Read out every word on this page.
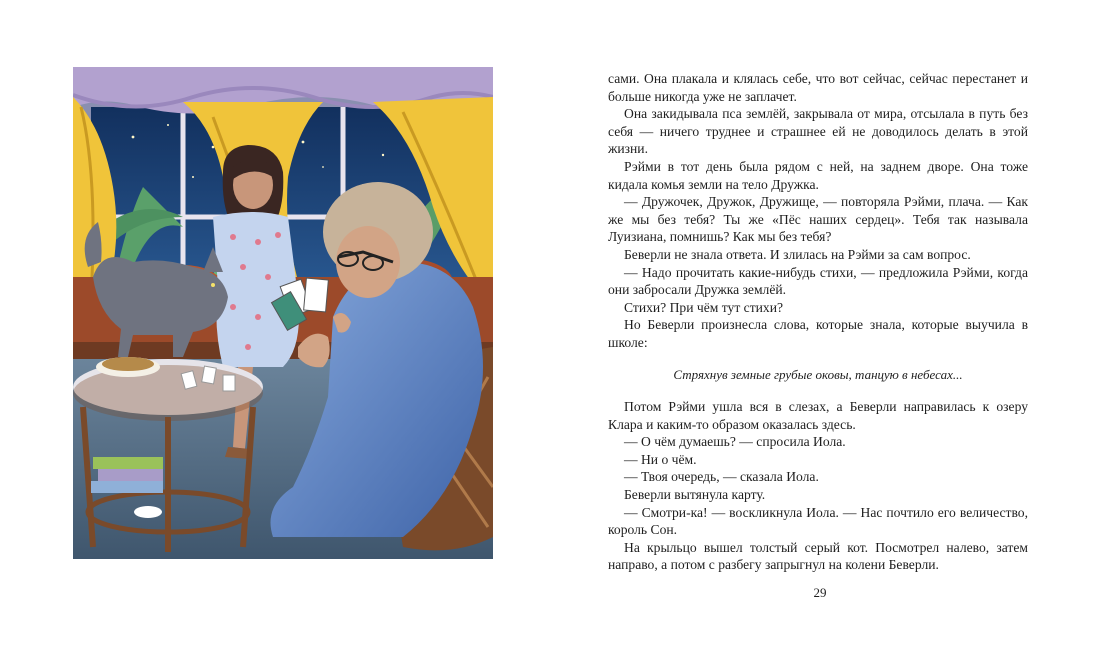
сами. Она плакала и клялась себе, что вот сейчас, сейчас перестанет и больше никогда уже не заплачет.

Она закидывала пса землёй, закрывала от мира, отсылала в путь без себя — ничего труднее и страшнее ей не доводилось делать в этой жизни.

Рэйми в тот день была рядом с ней, на заднем дворе. Она тоже кидала комья земли на тело Дружка.

— Дружочек, Дружок, Дружище, — повторяла Рэйми, плача. — Как же мы без тебя? Ты же «Пёс наших сердец». Тебя так называла Луизиана, помнишь? Как мы без тебя?

Беверли не знала ответа. И злилась на Рэйми за сам вопрос.

— Надо прочитать какие-нибудь стихи, — предложила Рэйми, когда они забросали Дружка землёй.

Стихи? При чём тут стихи?

Но Беверли произнесла слова, которые знала, которые выучила в школе:

Стряхнув земные грубые оковы, танцую в небесах...

Потом Рэйми ушла вся в слезах, а Беверли направилась к озеру Клара и каким-то образом оказалась здесь.

— О чём думаешь? — спросила Иола.

— Ни о чём.

— Твоя очередь, — сказала Иола.

Беверли вытянула карту.

— Смотри-ка! — воскликнула Иола. — Нас почтило его величество, король Сон.

На крыльцо вышел толстый серый кот. Посмотрел налево, затем направо, а потом с разбегу запрыгнул на колени Беверли.

29
